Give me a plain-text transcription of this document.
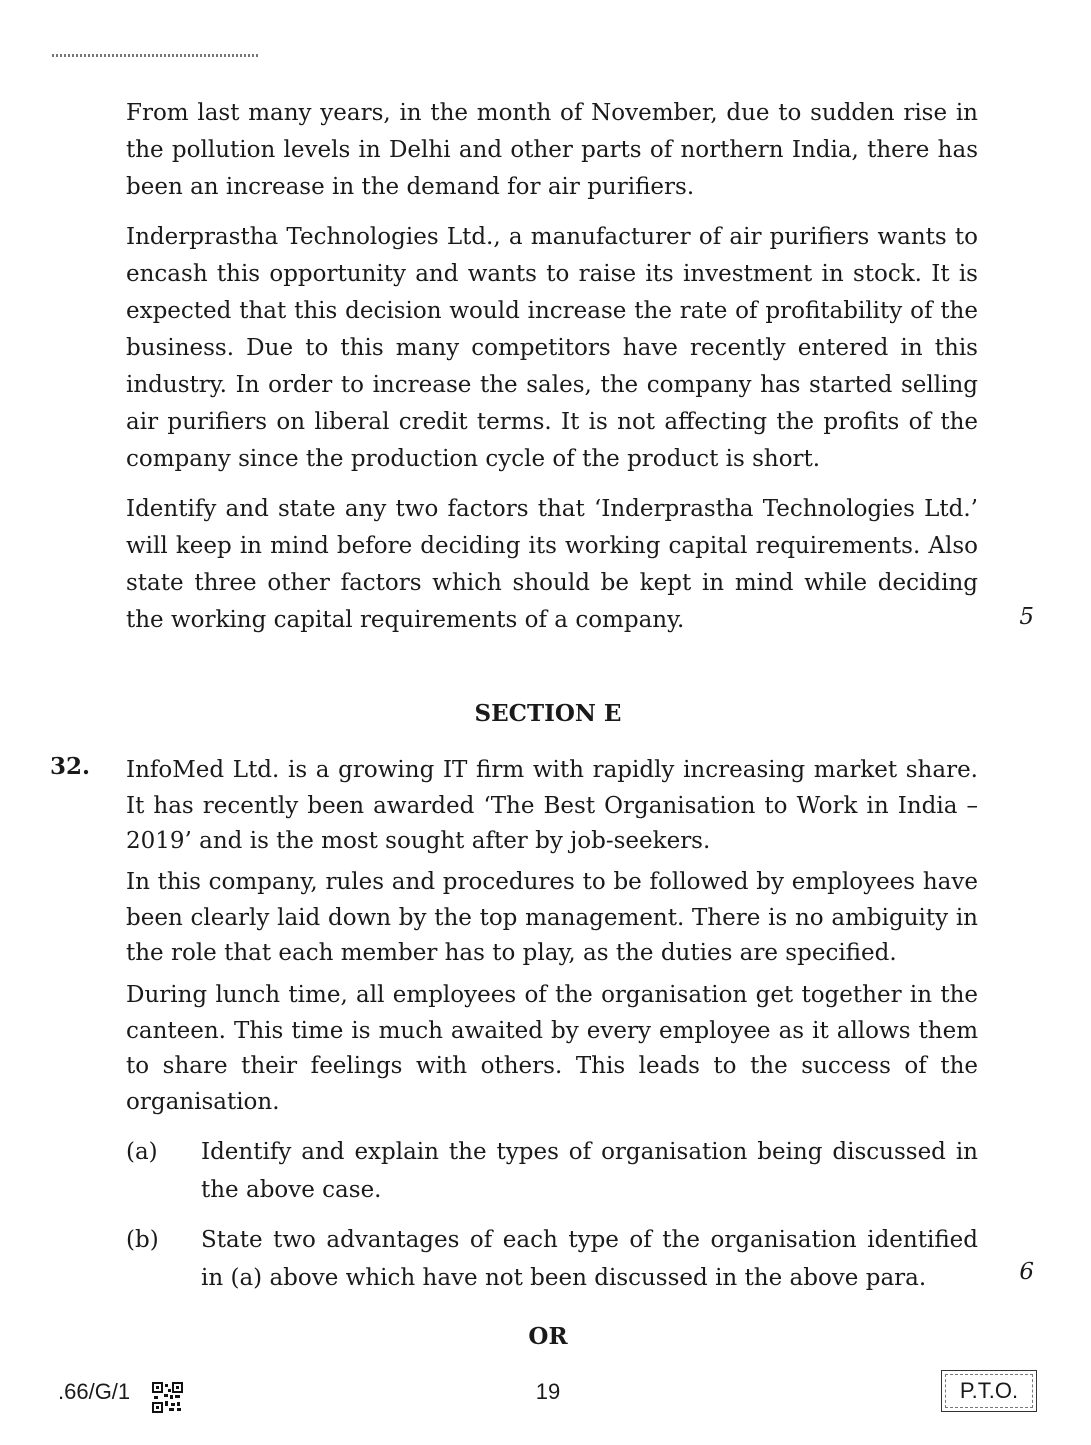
From last many years, in the month of November, due to sudden rise in the pollution levels in Delhi and other parts of northern India, there has been an increase in the demand for air purifiers.

Inderprastha Technologies Ltd., a manufacturer of air purifiers wants to encash this opportunity and wants to raise its investment in stock. It is expected that this decision would increase the rate of profitability of the business. Due to this many competitors have recently entered in this industry. In order to increase the sales, the company has started selling air purifiers on liberal credit terms. It is not affecting the profits of the company since the production cycle of the product is short.

Identify and state any two factors that ‘Inderprastha Technologies Ltd.’ will keep in mind before deciding its working capital requirements. Also state three other factors which should be kept in mind while deciding the working capital requirements of a company.	5
SECTION E
32. InfoMed Ltd. is a growing IT firm with rapidly increasing market share. It has recently been awarded ‘The Best Organisation to Work in India – 2019’ and is the most sought after by job-seekers.

In this company, rules and procedures to be followed by employees have been clearly laid down by the top management. There is no ambiguity in the role that each member has to play, as the duties are specified.

During lunch time, all employees of the organisation get together in the canteen. This time is much awaited by every employee as it allows them to share their feelings with others. This leads to the success of the organisation.

(a) Identify and explain the types of organisation being discussed in the above case.
(b) State two advantages of each type of the organisation identified in (a) above which have not been discussed in the above para.	6
OR
.66/G/1	19	P.T.O.
